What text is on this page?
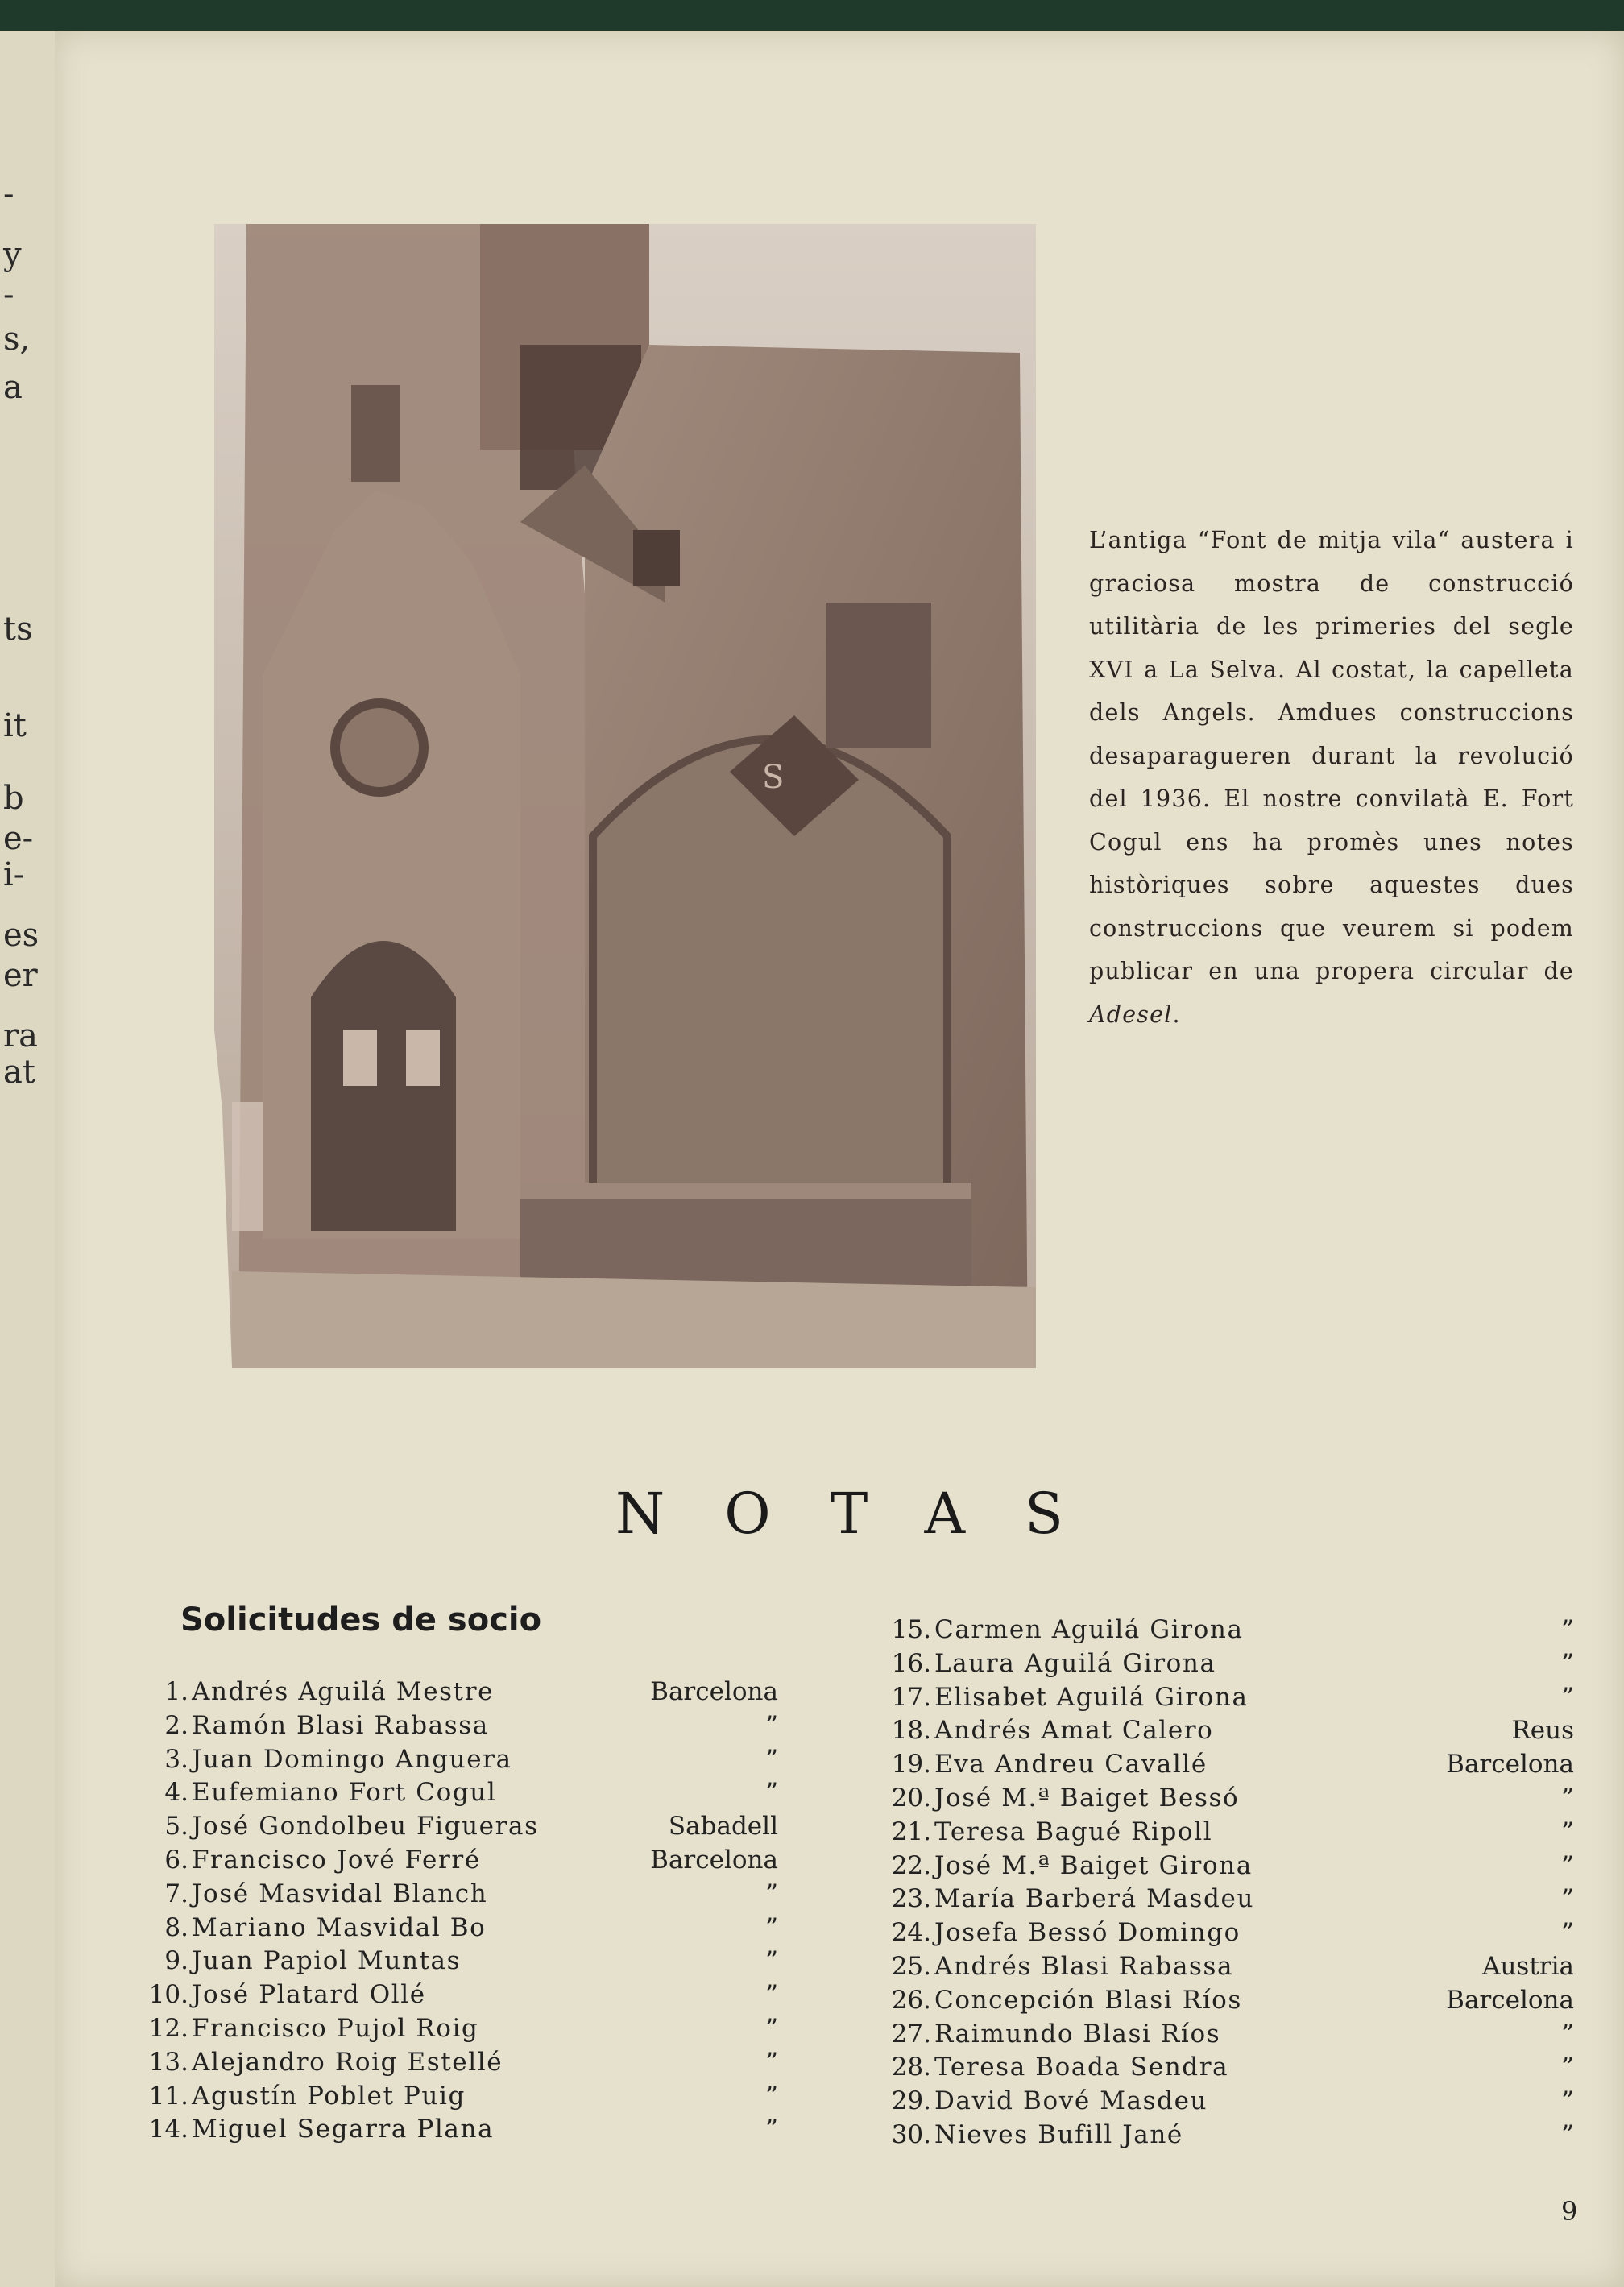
-
y
-
s,
a
ts
it
b
e-
i-
es
er
ra
at
S
L’antiga “Font de mitja vila“ austera i graciosa mostra de construcció utilitària de les primeries del segle XVI a La Selva. Al costat, la capelleta dels Angels. Amdues construccions desaparagueren durant la revolució del 1936. El nostre convilatà E. Fort Cogul ens ha promès unes notes històriques sobre aquestes dues construccions que veurem si podem publicar en una propera circular de Adesel.
NOTAS
Solicitudes de socio
1. Andrés Aguilá Mestre	Barcelona
2. Ramón Blasi Rabassa	”
3. Juan Domingo Anguera	”
4. Eufemiano Fort Cogul	”
5. José Gondolbeu Figueras	Sabadell
6. Francisco Jové Ferré	Barcelona
7. José Masvidal Blanch	”
8. Mariano Masvidal Bo	”
9. Juan Papiol Muntas	”
10. José Platard Ollé	”
12. Francisco Pujol Roig	”
13. Alejandro Roig Estellé	”
11. Agustín Poblet Puig	”
14. Miguel Segarra Plana	”
15. Carmen Aguilá Girona	”
16. Laura Aguilá Girona	”
17. Elisabet Aguilá Girona	”
18. Andrés Amat Calero	Reus
19. Eva Andreu Cavallé	Barcelona
20. José M.ª Baiget Bessó	”
21. Teresa Bagué Ripoll	”
22. José M.ª Baiget Girona	”
23. María Barberá Masdeu	”
24. Josefa Bessó Domingo	”
25. Andrés Blasi Rabassa	Austria
26. Concepción Blasi Ríos	Barcelona
27. Raimundo Blasi Ríos	”
28. Teresa Boada Sendra	”
29. David Bové Masdeu	”
30. Nieves Bufill Jané	”
9
